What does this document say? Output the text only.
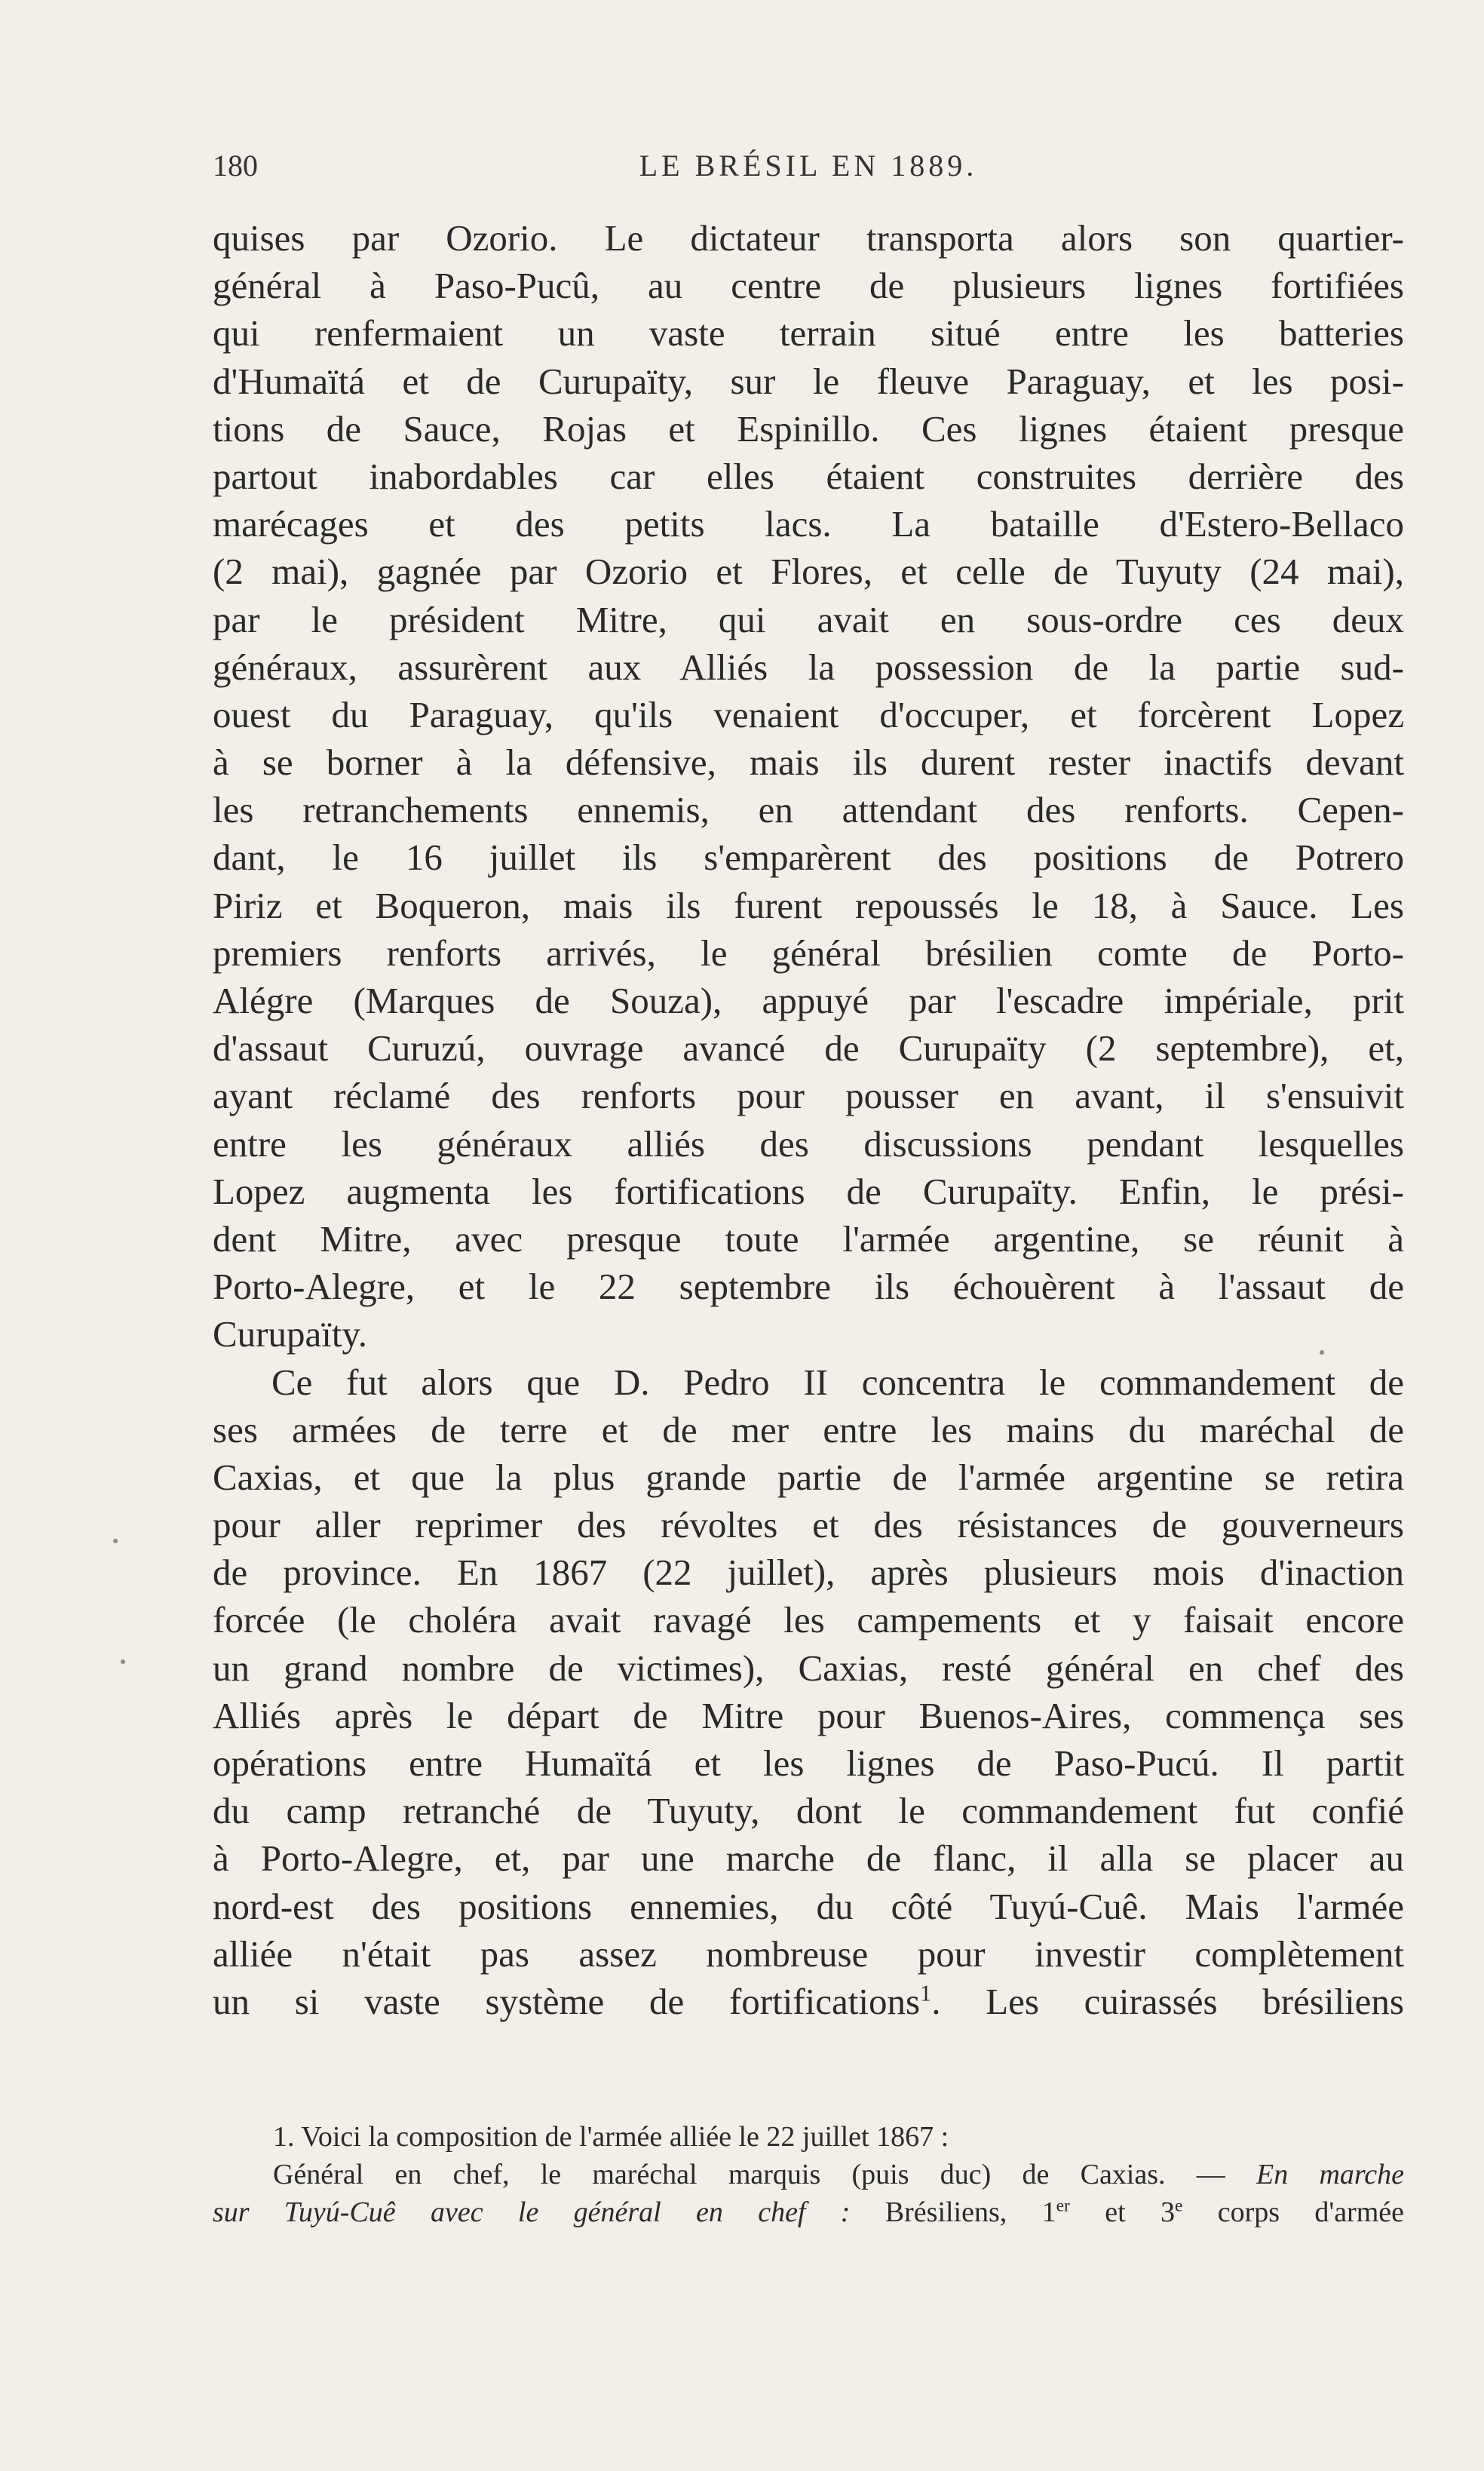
180	LE BRÉSIL EN 1889.
quises par Ozorio. Le dictateur transporta alors son quartier-
général à Paso-Pucû, au centre de plusieurs lignes fortifiées
qui renfermaient un vaste terrain situé entre les batteries
d'Humaïtá et de Curupaïty, sur le fleuve Paraguay, et les posi-
tions de Sauce, Rojas et Espinillo. Ces lignes étaient presque
partout inabordables car elles étaient construites derrière des
marécages et des petits lacs. La bataille d'Estero-Bellaco
(2 mai), gagnée par Ozorio et Flores, et celle de Tuyuty (24 mai),
par le président Mitre, qui avait en sous-ordre ces deux
généraux, assurèrent aux Alliés la possession de la partie sud-
ouest du Paraguay, qu'ils venaient d'occuper, et forcèrent Lopez
à se borner à la défensive, mais ils durent rester inactifs devant
les retranchements ennemis, en attendant des renforts. Cepen-
dant, le 16 juillet ils s'emparèrent des positions de Potrero
Piriz et Boqueron, mais ils furent repoussés le 18, à Sauce. Les
premiers renforts arrivés, le général brésilien comte de Porto-
Alégre (Marques de Souza), appuyé par l'escadre impériale, prit
d'assaut Curuzú, ouvrage avancé de Curupaïty (2 septembre), et,
ayant réclamé des renforts pour pousser en avant, il s'ensuivit
entre les généraux alliés des discussions pendant lesquelles
Lopez augmenta les fortifications de Curupaïty. Enfin, le prési-
dent Mitre, avec presque toute l'armée argentine, se réunit à
Porto-Alegre, et le 22 septembre ils échouèrent à l'assaut de
Curupaïty.
Ce fut alors que D. Pedro II concentra le commandement de
ses armées de terre et de mer entre les mains du maréchal de
Caxias, et que la plus grande partie de l'armée argentine se retira
pour aller reprimer des révoltes et des résistances de gouverneurs
de province. En 1867 (22 juillet), après plusieurs mois d'inaction
forcée (le choléra avait ravagé les campements et y faisait encore
un grand nombre de victimes), Caxias, resté général en chef des
Alliés après le départ de Mitre pour Buenos-Aires, commença ses
opérations entre Humaïtá et les lignes de Paso-Pucú. Il partit
du camp retranché de Tuyuty, dont le commandement fut confié
à Porto-Alegre, et, par une marche de flanc, il alla se placer au
nord-est des positions ennemies, du côté Tuyú-Cuê. Mais l'armée
alliée n'était pas assez nombreuse pour investir complètement
un si vaste système de fortifications$^1$. Les cuirassés brésiliens
1. Voici la composition de l'armée alliée le 22 juillet 1867 :
Général en chef, le maréchal marquis (puis duc) de Caxias. — En marche
sur Tuyú-Cuê avec le général en chef : Brésiliens, 1er et 3e corps d'armée
